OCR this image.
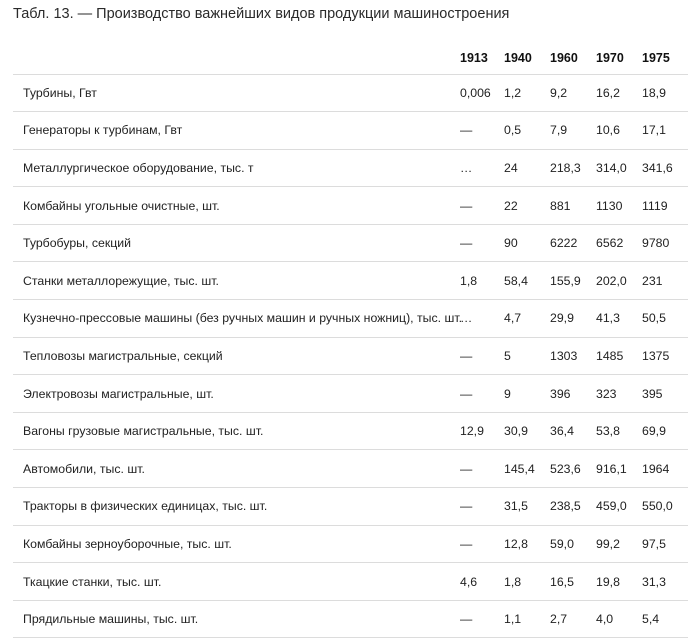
Табл. 13. — Производство важнейших видов продукции машиностроения
	1913	1940	1960	1970	1975
Турбины, Гвт	0,006	1,2	9,2	16,2	18,9
Генераторы к турбинам, Гвт	—	0,5	7,9	10,6	17,1
Металлургическое оборудование, тыс. т	…	24	218,3	314,0	341,6
Комбайны угольные очистные, шт.	—	22	881	1130	1119
Турбобуры, секций	—	90	6222	6562	9780
Станки металлорежущие, тыс. шт.	1,8	58,4	155,9	202,0	231
Кузнечно-прессовые машины (без ручных машин и ручных ножниц), тыс. шт.	…	4,7	29,9	41,3	50,5
Тепловозы магистральные, секций	—	5	1303	1485	1375
Электровозы магистральные, шт.	—	9	396	323	395
Вагоны грузовые магистральные, тыс. шт.	12,9	30,9	36,4	53,8	69,9
Автомобили, тыс. шт.	—	145,4	523,6	916,1	1964
Тракторы в физических единицах, тыс. шт.	—	31,5	238,5	459,0	550,0
Комбайны зерноуборочные, тыс. шт.	—	12,8	59,0	99,2	97,5
Ткацкие станки, тыс. шт.	4,6	1,8	16,5	19,8	31,3
Прядильные машины, тыс. шт.	—	1,1	2,7	4,0	5,4
